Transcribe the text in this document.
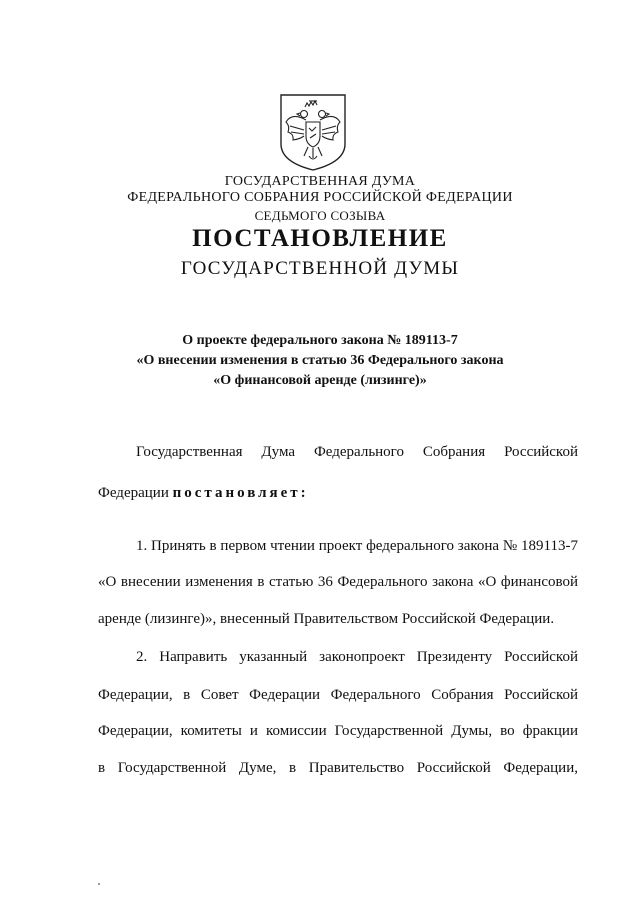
ГОСУДАРСТВЕННАЯ ДУМА
ФЕДЕРАЛЬНОГО СОБРАНИЯ РОССИЙСКОЙ ФЕДЕРАЦИИ
СЕДЬМОГО СОЗЫВА
ПОСТАНОВЛЕНИЕ
ГОСУДАРСТВЕННОЙ ДУМЫ
О проекте федерального закона № 189113-7
«О внесении изменения в статью 36 Федерального закона
«О финансовой аренде (лизинге)»
Государственная Дума Федерального Собрания Российской
Федерации постановляет:
1. Принять в первом чтении проект федерального закона № 189113-7
«О внесении изменения в статью 36 Федерального закона «О финансовой
аренде (лизинге)», внесенный Правительством Российской Федерации.
2. Направить указанный законопроект Президенту Российской
Федерации, в Совет Федерации Федерального Собрания Российской
Федерации, комитеты и комиссии Государственной Думы, во фракции
в Государственной Думе, в Правительство Российской Федерации,
